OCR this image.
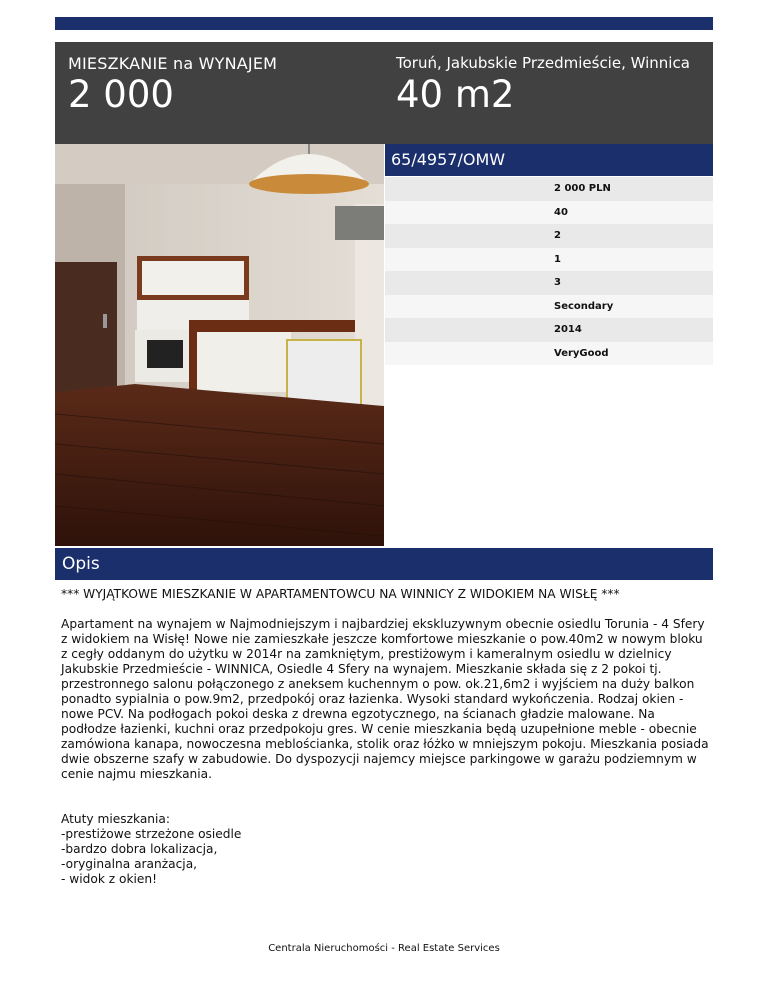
MIESZKANIE na WYNAJEM
2 000
Toruń, Jakubskie Przedmieście, Winnica
40 m2
65/4957/OMW
2 000 PLN
40
2
1
3
Secondary
2014
VeryGood
Opis

*** WYJĄTKOWE MIESZKANIE W APARTAMENTOWCU NA WINNICY Z WIDOKIEM NA WISŁĘ ***

Apartament na wynajem w Najmodniejszym i najbardziej ekskluzywnym obecnie osiedlu Torunia - 4 Sfery z widokiem na Wisłę! Nowe nie zamieszkałe jeszcze komfortowe mieszkanie o pow.40m2 w nowym bloku z cegły oddanym do użytku w 2014r na zamkniętym, prestiżowym i kameralnym osiedlu w dzielnicy Jakubskie Przedmieście - WINNICA, Osiedle 4 Sfery na wynajem. Mieszkanie składa się z 2 pokoi tj. przestronnego salonu połączonego z aneksem kuchennym o pow. ok.21,6m2 i wyjściem na duży balkon ponadto sypialnia o pow.9m2, przedpokój oraz łazienka. Wysoki standard wykończenia. Rodzaj okien - nowe PCV. Na podłogach pokoi deska z drewna egzotycznego, na ścianach gładzie malowane. Na podłodze łazienki, kuchni oraz przedpokoju gres. W cenie mieszkania będą uzupełnione meble - obecnie zamówiona kanapa, nowoczesna meblościanka, stolik oraz łóżko w mniejszym pokoju. Mieszkania posiada dwie obszerne szafy w zabudowie. Do dyspozycji najemcy miejsce parkingowe w garażu podziemnym w cenie najmu mieszkania.

Atuty mieszkania:

-prestiżowe strzeżone osiedle

-bardzo dobra lokalizacja,

-oryginalna aranżacja,

- widok z okien!

Centrala Nieruchomości - Real Estate Services
